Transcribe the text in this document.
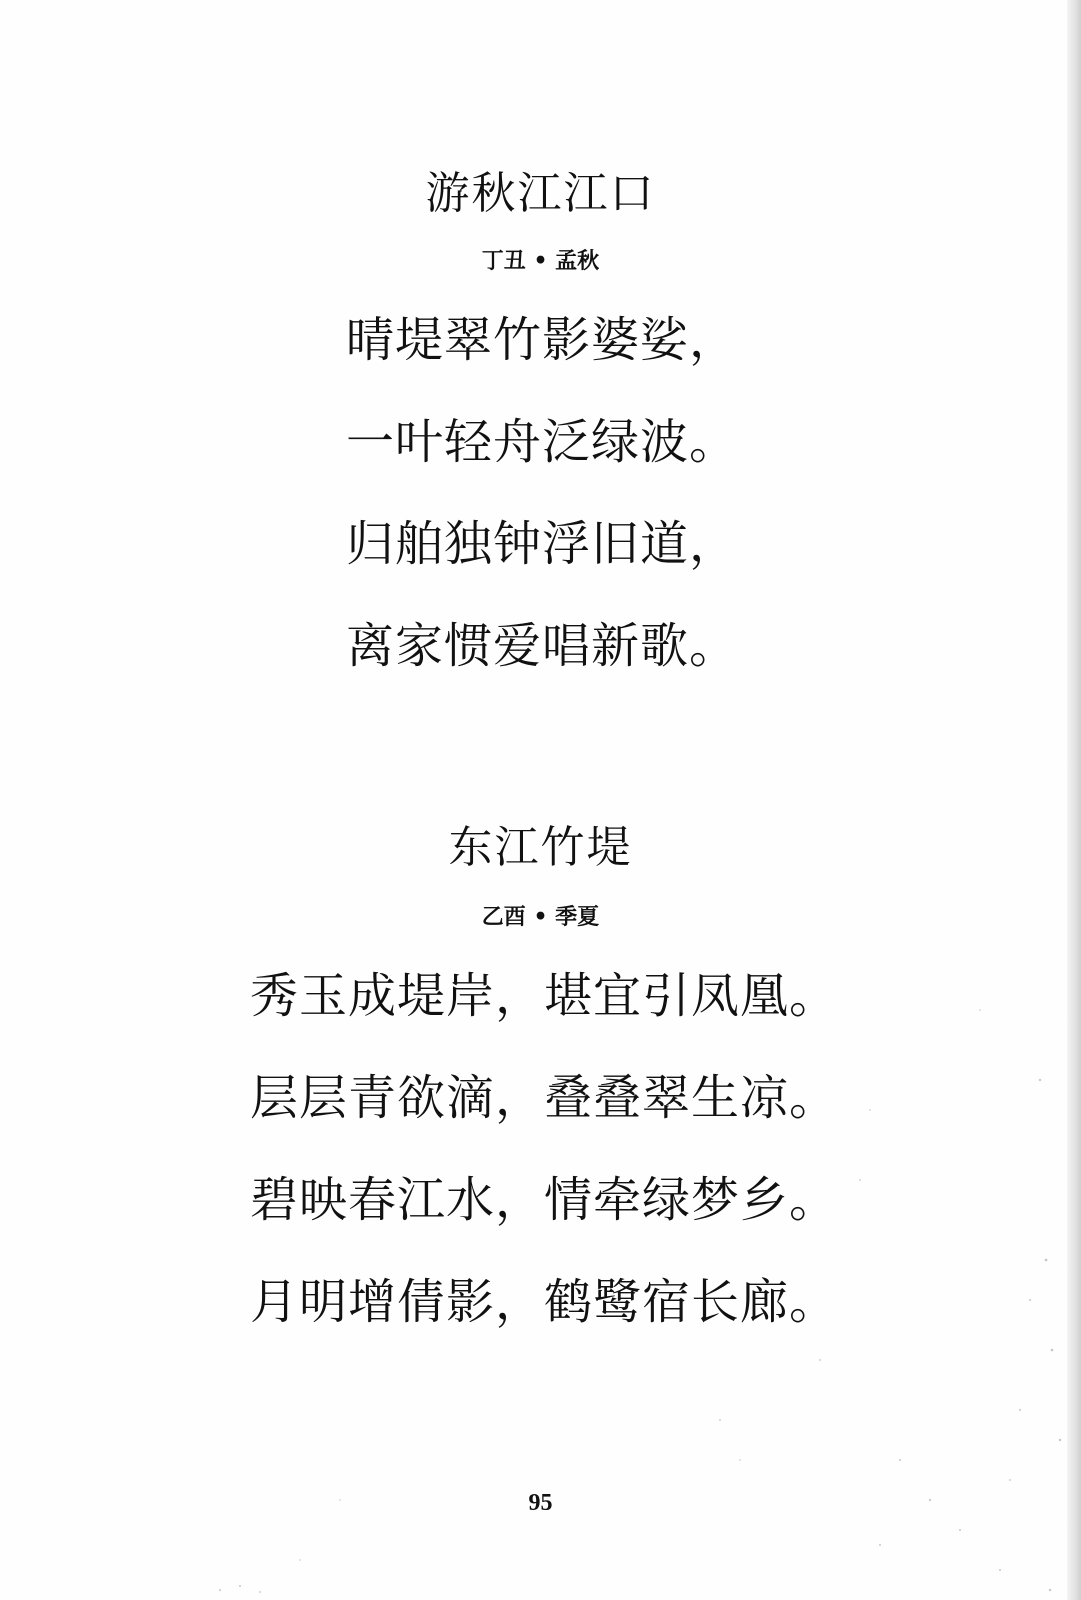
游秋江江口

丁丑 • 孟秋

晴堤翠竹影婆娑，

一叶轻舟泛绿波。

归舶独钟浮旧道，

离家惯爱唱新歌。

东江竹堤

乙酉 • 季夏

秀玉成堤岸，堪宜引凤凰。

层层青欲滴，叠叠翠生凉。

碧映春江水，情牵绿梦乡。

月明增倩影，鹤鹭宿长廊。

95
